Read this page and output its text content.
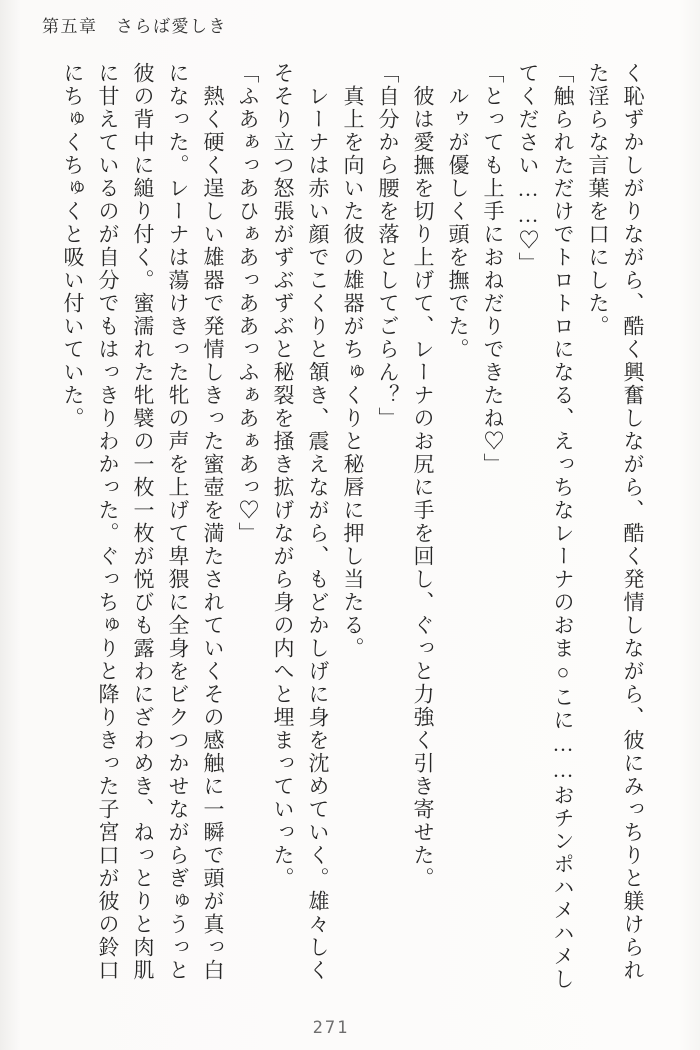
第五章　さらば愛しき

く恥ずかしがりながら、酷く興奮しながら、酷く発情しながら、彼にみっちりと躾けられた淫らな言葉を口にした。

「触られただけでトロトロになる、えっちなレーナのおま○こに……おチンポハメハメしてください……♡」

「とっても上手におねだりできたね♡」

ルゥが優しく頭を撫でた。

彼は愛撫を切り上げて、レーナのお尻に手を回し、ぐっと力強く引き寄せた。

「自分から腰を落としてごらん？」

真上を向いた彼の雄器がちゅくりと秘唇に押し当たる。

レーナは赤い顔でこくりと頷き、震えながら、もどかしげに身を沈めていく。雄々しくそそり立つ怒張がずぶずぶと秘裂を掻き拡げながら身の内へと埋まっていった。

「ふあぁっあひぁあっああっふぁあぁあっ♡」

熱く硬く逞しい雄器で発情しきった蜜壺を満たされていくその感触に一瞬で頭が真っ白になった。レーナは蕩けきった牝の声を上げて卑猥に全身をビクつかせながらぎゅうっと彼の背中に縋り付く。蜜濡れた牝襞の一枚一枚が悦びも露わにざわめき、ねっとりと肉肌に甘えているのが自分でもはっきりわかった。ぐっちゅりと降りきった子宮口が彼の鈴口にちゅくちゅくと吸い付いていた。

271
